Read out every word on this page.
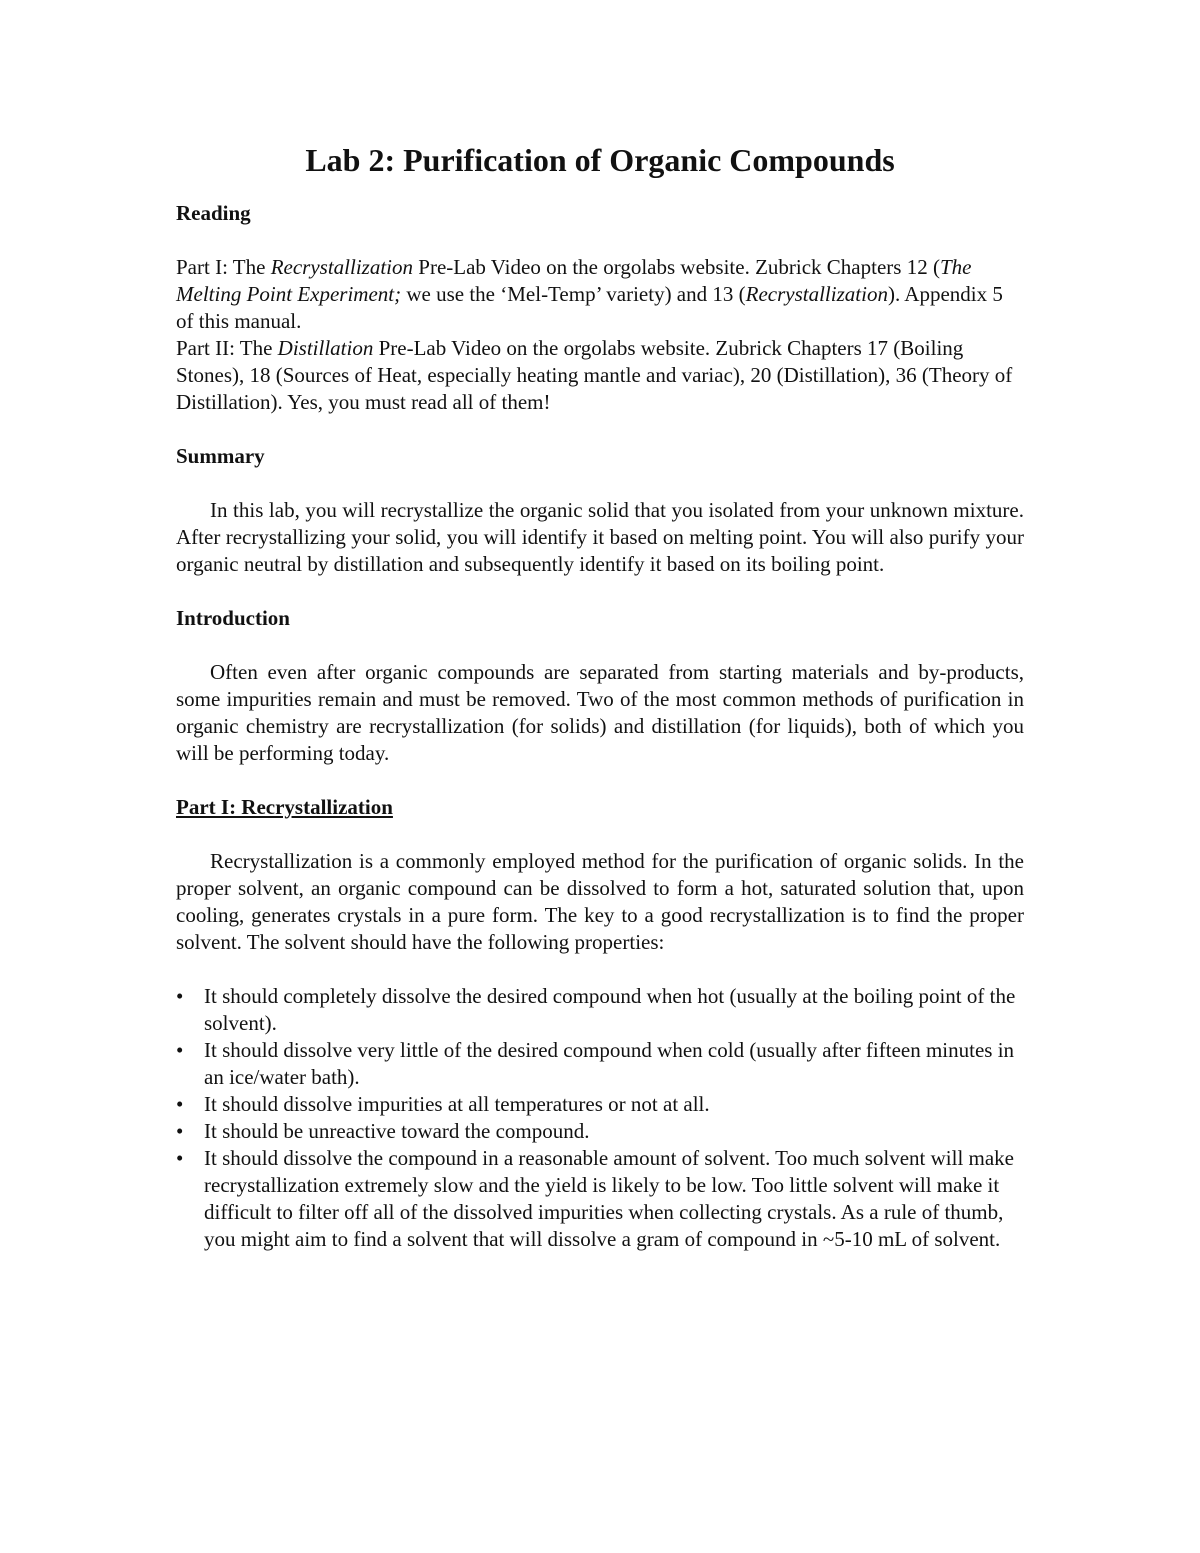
Lab 2: Purification of Organic Compounds
Reading

Part I: The Recrystallization Pre-Lab Video on the orgolabs website. Zubrick Chapters 12 (The Melting Point Experiment; we use the ‘Mel-Temp’ variety) and 13 (Recrystallization). Appendix 5 of this manual.

Part II: The Distillation Pre-Lab Video on the orgolabs website. Zubrick Chapters 17 (Boiling Stones), 18 (Sources of Heat, especially heating mantle and variac), 20 (Distillation), 36 (Theory of Distillation). Yes, you must read all of them!

Summary

In this lab, you will recrystallize the organic solid that you isolated from your unknown mixture. After recrystallizing your solid, you will identify it based on melting point. You will also purify your organic neutral by distillation and subsequently identify it based on its boiling point.

Introduction

Often even after organic compounds are separated from starting materials and by-products, some impurities remain and must be removed. Two of the most common methods of purification in organic chemistry are recrystallization (for solids) and distillation (for liquids), both of which you will be performing today.

Part I: Recrystallization

Recrystallization is a commonly employed method for the purification of organic solids. In the proper solvent, an organic compound can be dissolved to form a hot, saturated solution that, upon cooling, generates crystals in a pure form. The key to a good recrystallization is to find the proper solvent. The solvent should have the following properties:

• It should completely dissolve the desired compound when hot (usually at the boiling point of the solvent).
• It should dissolve very little of the desired compound when cold (usually after fifteen minutes in an ice/water bath).
• It should dissolve impurities at all temperatures or not at all.
• It should be unreactive toward the compound.
• It should dissolve the compound in a reasonable amount of solvent. Too much solvent will make recrystallization extremely slow and the yield is likely to be low. Too little solvent will make it difficult to filter off all of the dissolved impurities when collecting crystals. As a rule of thumb, you might aim to find a solvent that will dissolve a gram of compound in ~5-10 mL of solvent.
